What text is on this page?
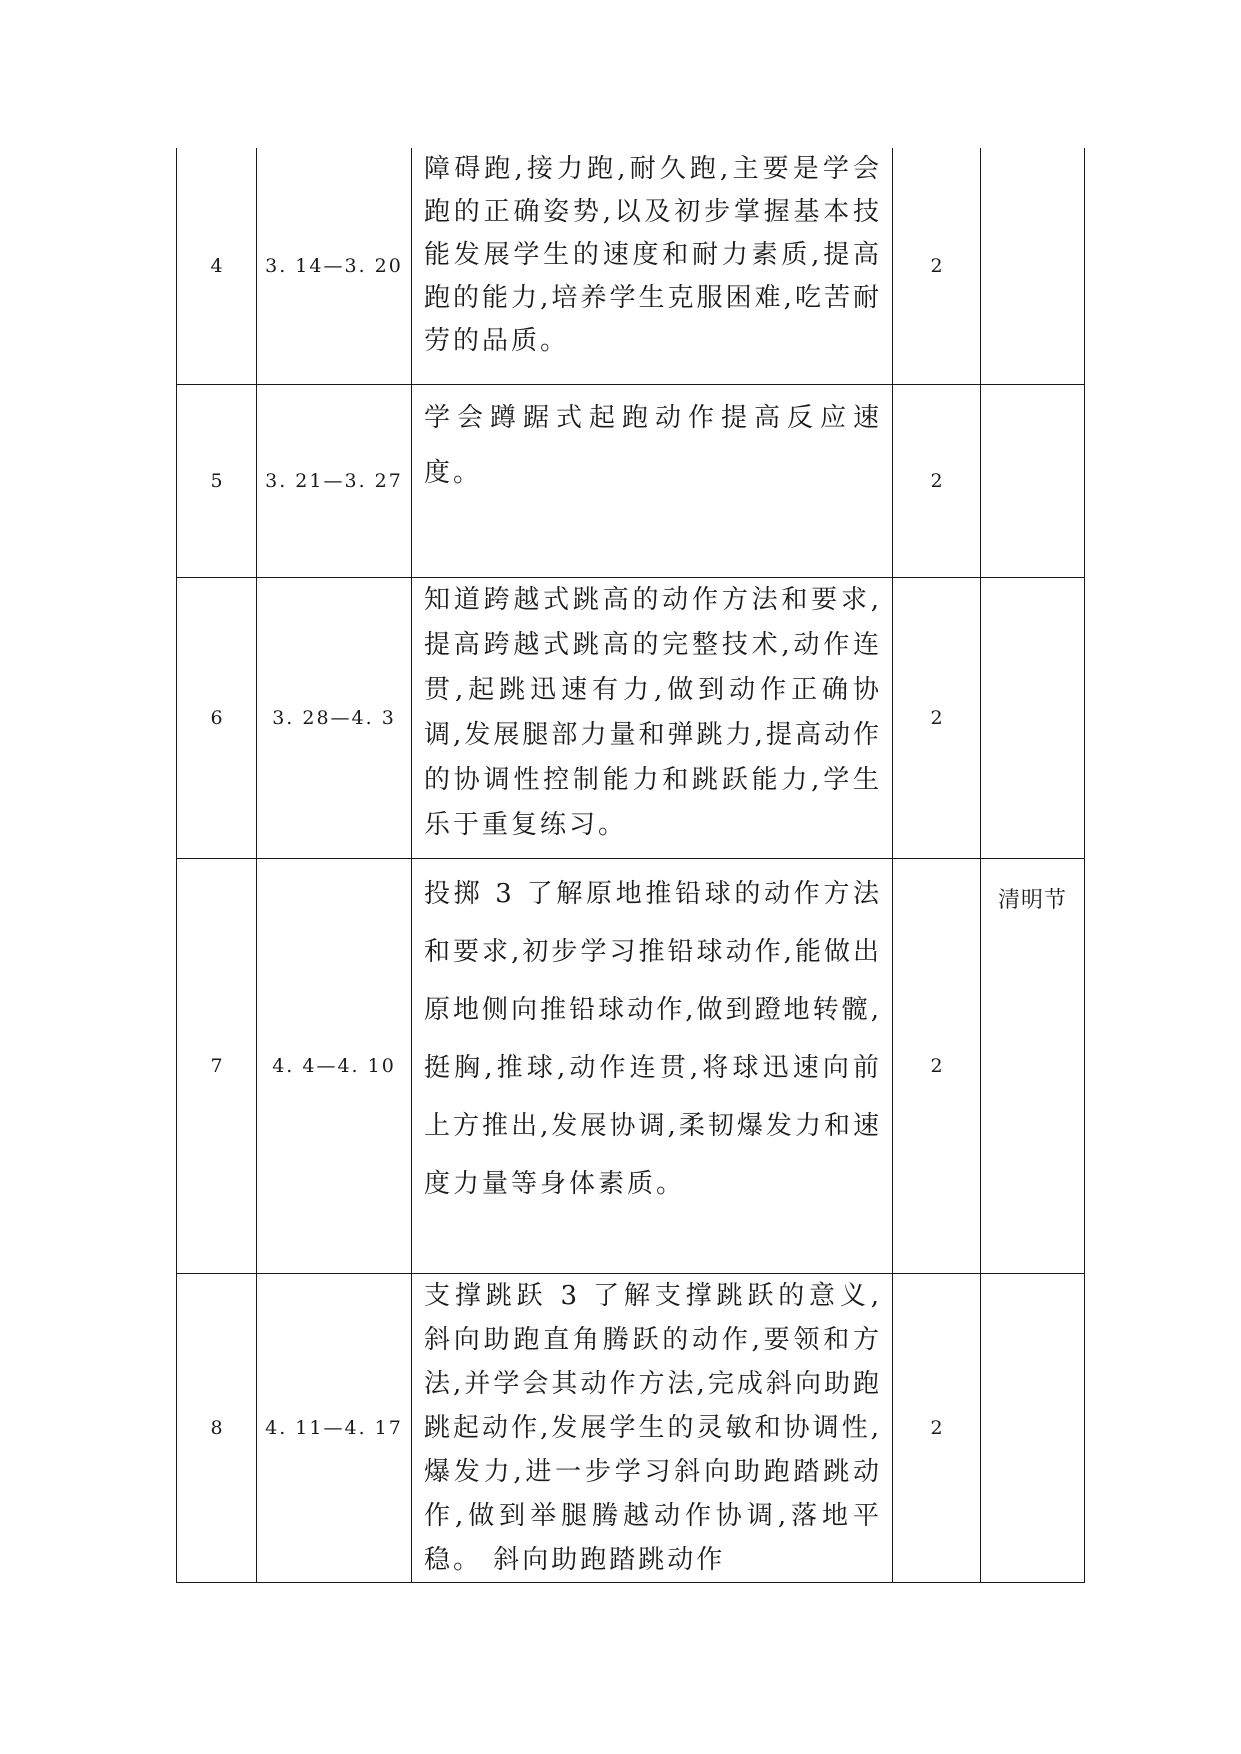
4	3. 14—3. 20	障碍跑,接力跑,耐久跑,主要是学会跑的正确姿势,以及初步掌握基本技能发展学生的速度和耐力素质,提高跑的能力,培养学生克服困难,吃苦耐劳的品质。	2	
5	3. 21—3. 27	学会蹲踞式起跑动作提高反应速度。	2	
6	3. 28—4. 3	知道跨越式跳高的动作方法和要求,提高跨越式跳高的完整技术,动作连贯,起跳迅速有力,做到动作正确协调,发展腿部力量和弹跳力,提高动作的协调性控制能力和跳跃能力,学生乐于重复练习。	2	
7	4. 4—4. 10	投掷 3 了解原地推铅球的动作方法和要求,初步学习推铅球动作,能做出原地侧向推铅球动作,做到蹬地转髋,挺胸,推球,动作连贯,将球迅速向前上方推出,发展协调,柔韧爆发力和速度力量等身体素质。	2	清明节
8	4. 11—4. 17	支撑跳跃 3 了解支撑跳跃的意义,斜向助跑直角腾跃的动作,要领和方法,并学会其动作方法,完成斜向助跑跳起动作,发展学生的灵敏和协调性,爆发力,进一步学习斜向助跑踏跳动作,做到举腿腾越动作协调,落地平稳。 斜向助跑踏跳动作	2	
